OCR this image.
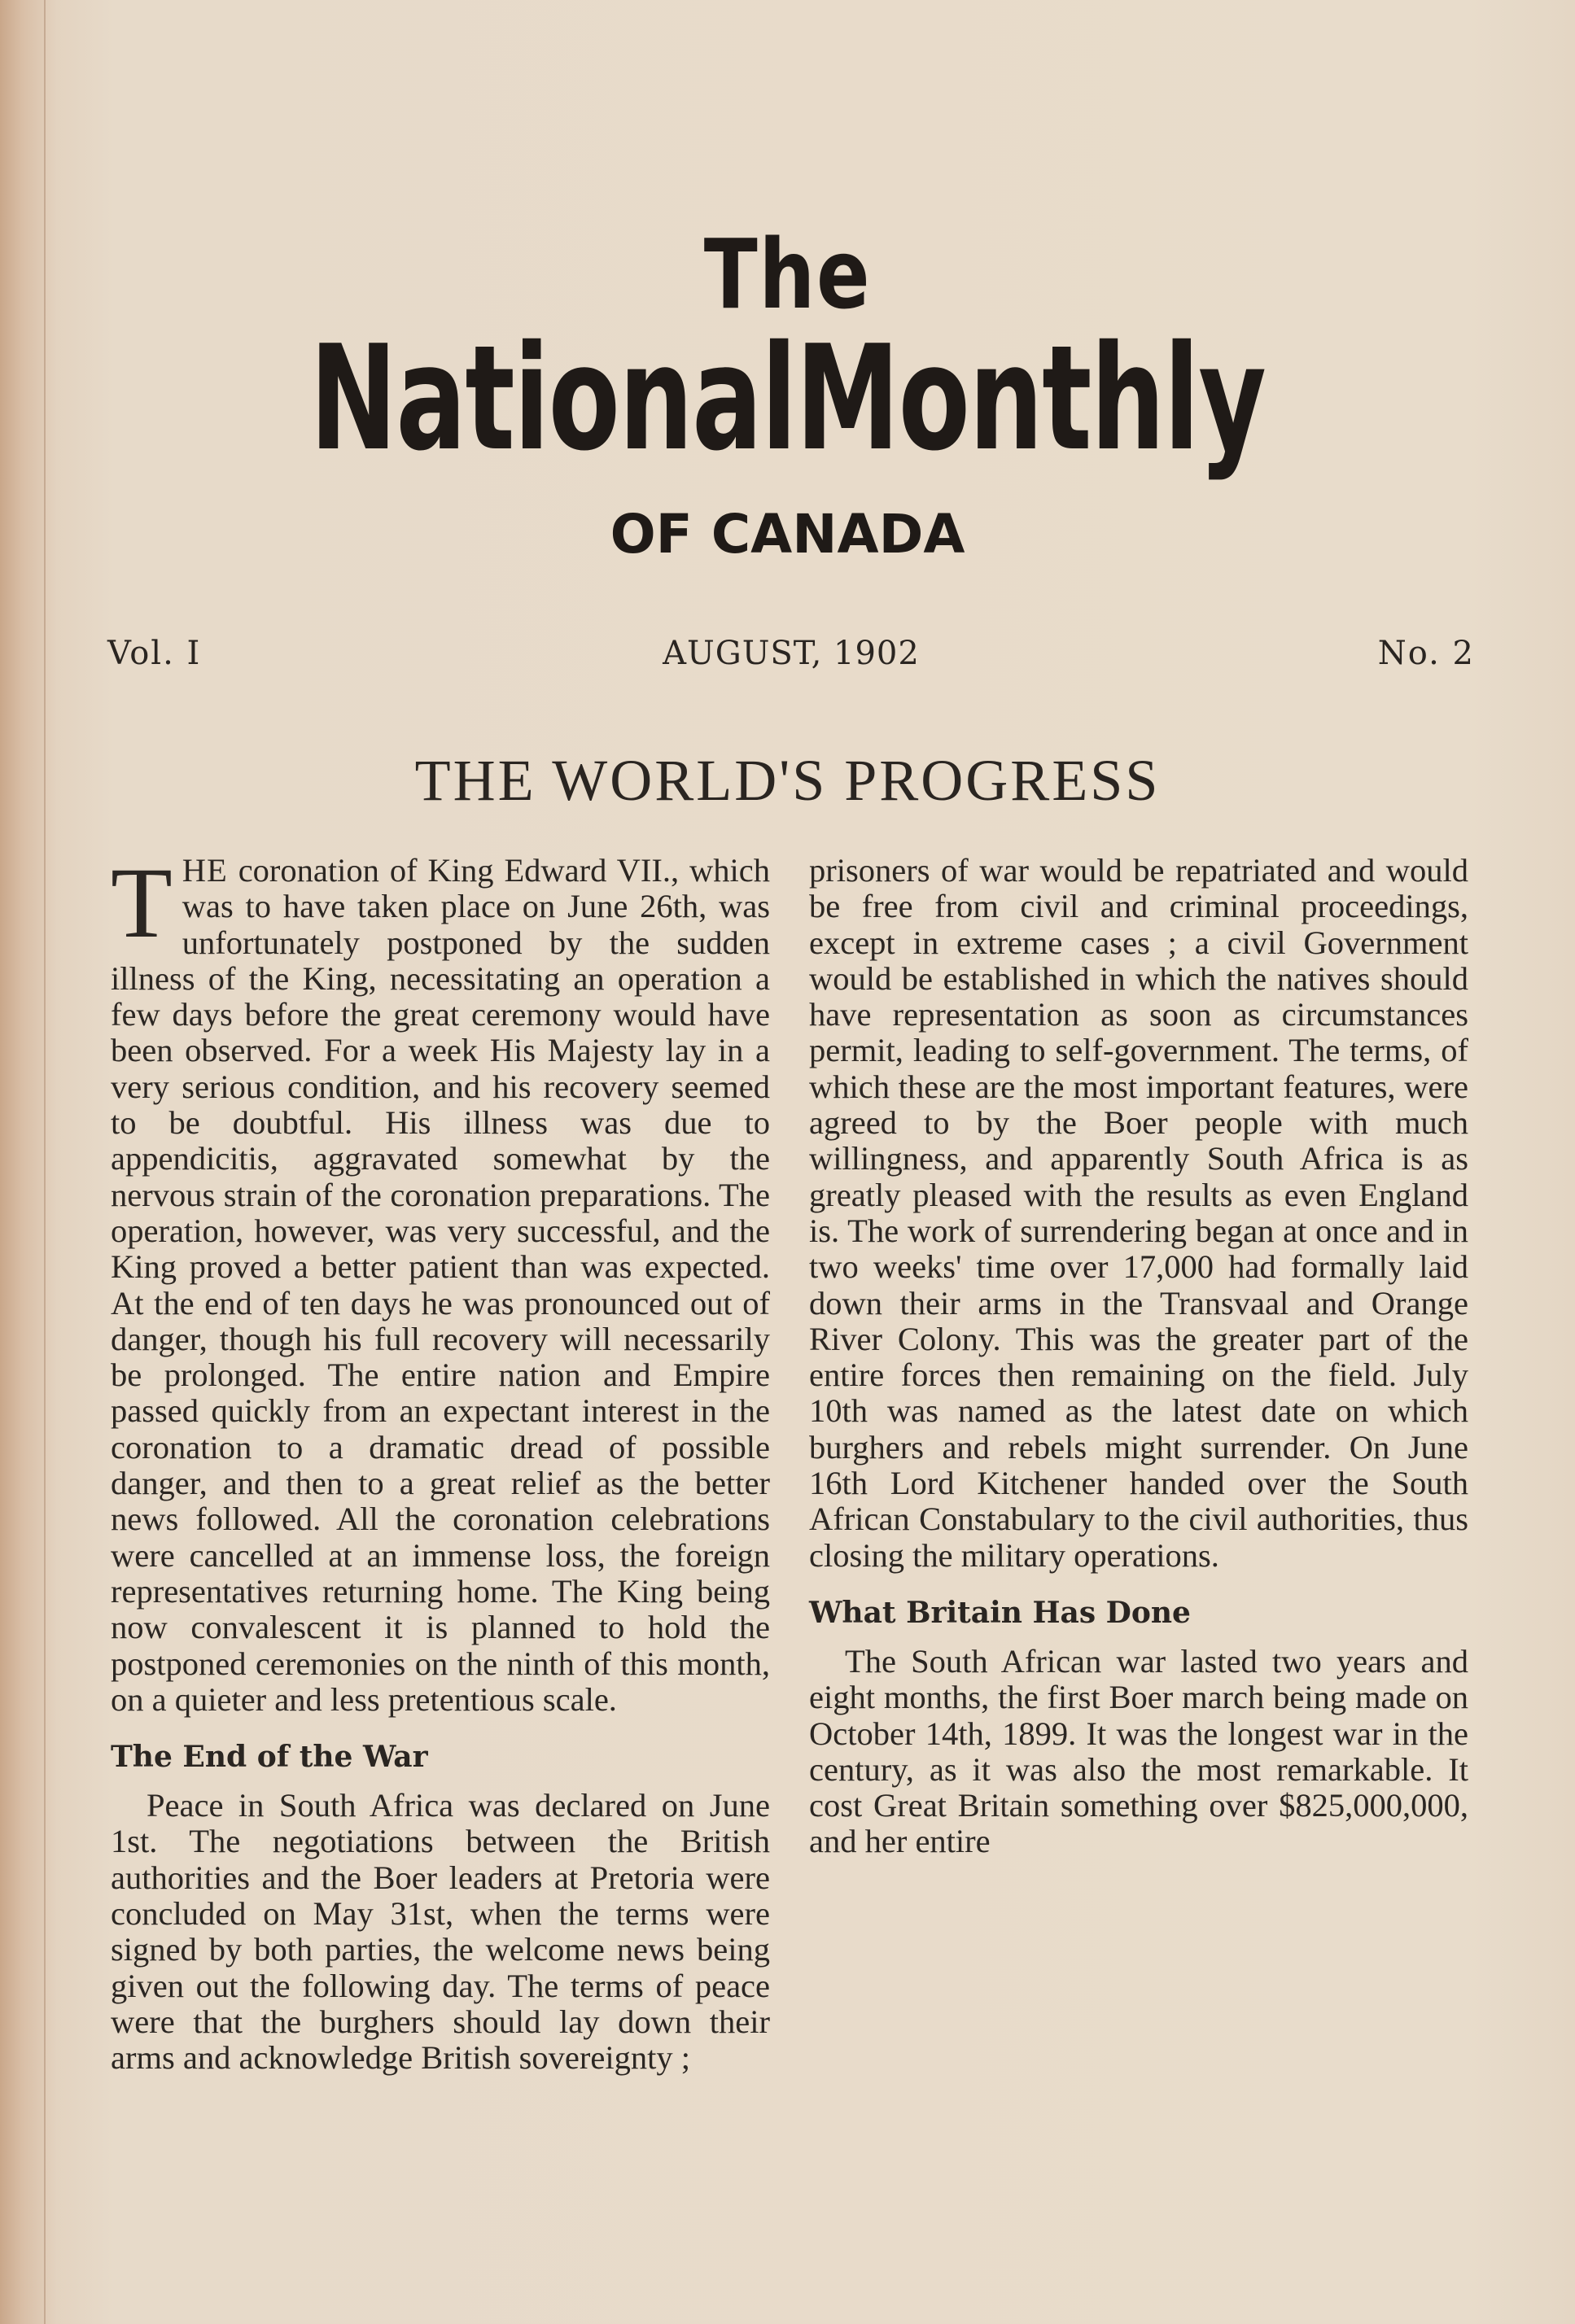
The
NationalMonthly
OF CANADA
AUGUST, 1902
Vol. I	No. 2
THE WORLD'S PROGRESS

THE coronation of King Edward VII., which was to have taken place on June 26th, was unfortunately postponed by the sudden illness of the King, necessitating an operation a few days before the great ceremony would have been observed. For a week His Majesty lay in a very serious condition, and his recovery seemed to be doubtful. His illness was due to appendicitis, aggravated somewhat by the nervous strain of the coronation preparations. The operation, however, was very successful, and the King proved a better patient than was expected. At the end of ten days he was pronounced out of danger, though his full recovery will necessarily be prolonged. The entire nation and Empire passed quickly from an expectant interest in the coronation to a dramatic dread of possible danger, and then to a great relief as the better news followed. All the coronation celebrations were cancelled at an immense loss, the foreign representatives returning home. The King being now convalescent it is planned to hold the postponed ceremonies on the ninth of this month, on a quieter and less pretentious scale.

The End of the War

Peace in South Africa was declared on June 1st. The negotiations between the British authorities and the Boer leaders at Pretoria were concluded on May 31st, when the terms were signed by both parties, the welcome news being given out the following day. The terms of peace were that the burghers should lay down their arms and acknowledge British sovereignty ;

prisoners of war would be repatriated and would be free from civil and criminal proceedings, except in extreme cases ; a civil Government would be established in which the natives should have representation as soon as circumstances permit, leading to self-government. The terms, of which these are the most important features, were agreed to by the Boer people with much willingness, and apparently South Africa is as greatly pleased with the results as even England is. The work of surrendering began at once and in two weeks' time over 17,000 had formally laid down their arms in the Transvaal and Orange River Colony. This was the greater part of the entire forces then remaining on the field. July 10th was named as the latest date on which burghers and rebels might surrender. On June 16th Lord Kitchener handed over the South African Constabulary to the civil authorities, thus closing the military operations.

What Britain Has Done

The South African war lasted two years and eight months, the first Boer march being made on October 14th, 1899. It was the longest war in the century, as it was also the most remarkable. It cost Great Britain something over $825,000,000, and her entire
